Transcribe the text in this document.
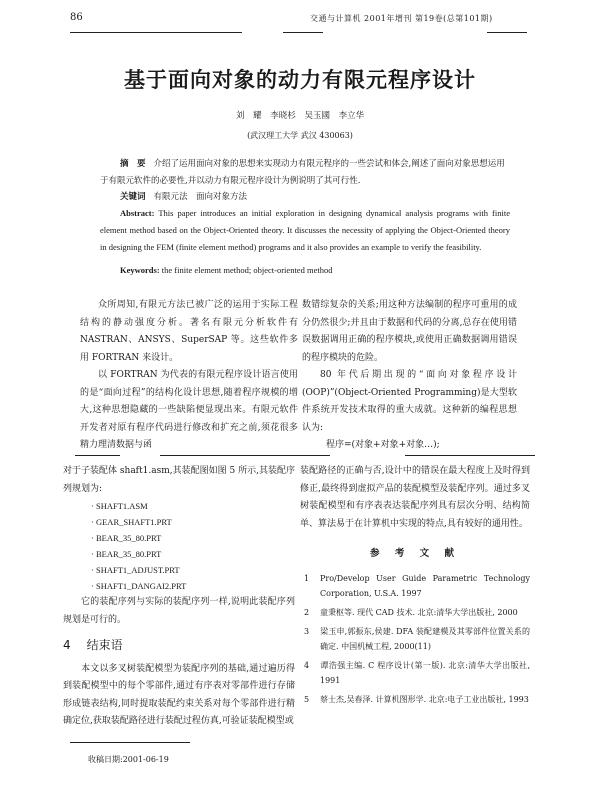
86	交通与计算机 2001年增刊 第19卷(总第101期)
基于面向对象的动力有限元程序设计
刘 耀 李晓杉 吴玉國 李立华
(武汉理工大学 武汉 430063)
摘　要 介绍了运用面向对象的思想来实现动力有限元程序的一些尝试和体会,阐述了面向对象思想运用于有限元软件的必要性,并以动力有限元程序设计为例说明了其可行性.
关键词 有限元法　面向对象方法
Abstract: This paper introduces an initial exploration in designing dynamical analysis programs with finite element method based on the Object-Oriented theory. It discusses the necessity of applying the Object-Oriented theory in designing the FEM (finite element method) programs and it also provides an example to verify the feasibility.
Keywords: the finite element method; object-oriented method

众所周知,有限元方法已被广泛的运用于实际工程结构的静动强度分析。著名有限元分析软件有 NASTRAN、ANSYS、SuperSAP 等。这些软件多用 FORTRAN 来设计。

以 FORTRAN 为代表的有限元程序设计语言使用的是“面向过程”的结构化设计思想,随着程序规模的增大,这种思想隐藏的一些缺陷便显现出来。有限元软件开发者对原有程序代码进行修改和扩充之前,须花很多精力理清数据与函

数错综复杂的关系;用这种方法编制的程序可重用的成分仍然很少;并且由于数据和代码的分离,总存在使用错误数据调用正确的程序模块,或使用正确数据调用错误的程序模块的危险。

80 年代后期出现的“面向对象程序设计(OOP)”(Object-Oriented Programming)是大型软件系统开发技术取得的重大成就。这种新的编程思想认为:

程序=(对象+对象+对象…);

对于子装配体 shaft1.asm,其装配图如图 5 所示,其装配序列规划为:

· SHAFT1.ASM
· GEAR_SHAFT1.PRT
· BEAR_35_80.PRT
· BEAR_35_80.PRT
· SHAFT1_ADJUST.PRT
· SHAFT1_DANGAI2.PRT

它的装配序列与实际的装配序列一样,说明此装配序列规划是可行的。

4 结束语

本文以多叉树装配模型为装配序列的基础,通过遍历得到装配模型中的每个零部件,通过有序表对零部件进行存储形成链表结构,同时提取装配约束关系对每个零部件进行精确定位,获取装配路径进行装配过程仿真,可验证装配模型或

装配路径的正确与否,设计中的错误在最大程度上及时得到修正,最终得到虚拟产品的装配模型及装配序列。通过多叉树装配模型和有序表表达装配序列具有层次分明、结构简单、算法易于在计算机中实现的特点,具有较好的通用性。

参 考 文 献
1 Pro/Develop User Guide Parametric Technology Corporation, U.S.A. 1997
2 童秉枢等. 现代 CAD 技术. 北京:清华大学出版社, 2000
3 梁玉申,郭振东,侯建. DFA 装配建模及其零部件位置关系的确定. 中国机械工程, 2000(11)
4 谭浩强主编. C 程序设计(第一版). 北京:清华大学出版社, 1991
5 蔡士杰,吴春泽. 计算机图形学. 北京:电子工业出版社, 1993
收稿日期:2001-06-19
